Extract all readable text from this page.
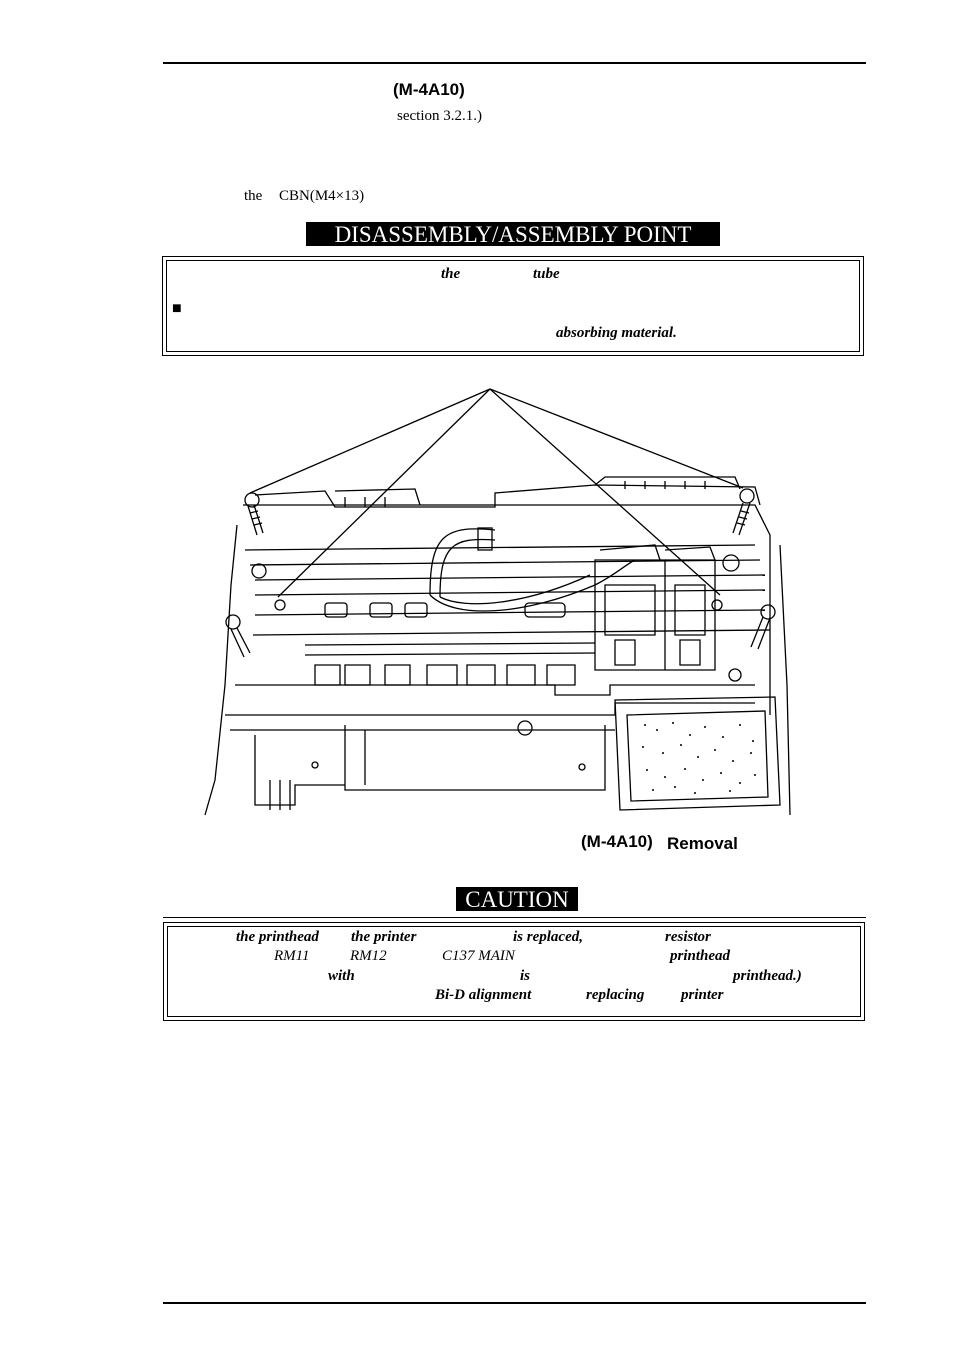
(M-4A10)
section 3.2.1.)
the CBN(M4×13)
DISASSEMBLY/ASSEMBLY POINT
the	tube
■
absorbing material.
(M-4A10) Removal
CAUTION
the printhead the printer	is replaced,	resistor
RM11	RM12	C137 MAIN	printhead
with	is	printhead.)
Bi-D alignment	replacing printer
